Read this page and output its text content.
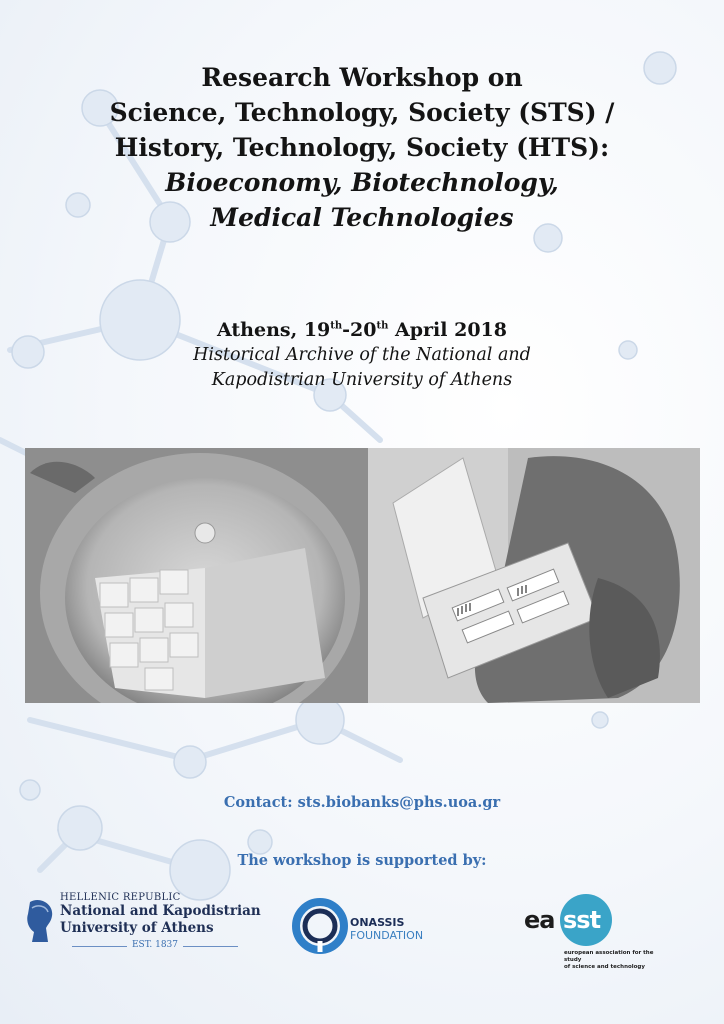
Research Workshop on
Science, Technology, Society (STS) /
History, Technology, Society (HTS):
Bioeconomy, Biotechnology,
Medical Technologies
Athens, 19th-20th April 2018
Historical Archive of the National and
Kapodistrian University of Athens
Contact: sts.biobanks@phs.uoa.gr
The workshop is supported by:
HELLENIC REPUBLIC
National and Kapodistrian
University of Athens
EST. 1837
ONASSIS
FOUNDATION
ea sst
european association for the study
of science and technology
